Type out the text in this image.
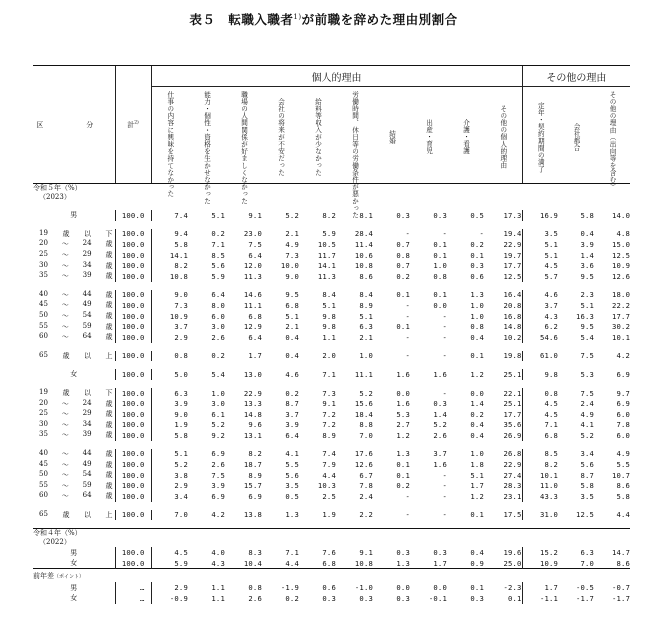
表５　転職入職者$^{1)}$が前職を辞めた理由別割合
区　分	計$^{2)}$	個人的理由										その他の理由		

		仕事の内容に興味を持てなかった	能力・個性・資格を生かせなかった	職場の人間関係が好ましくなかった	会社の将来が不安だった	給料等収入が少なかった	労働時間、休日等の労働条件が悪かった	結婚	出産・育児	介護・看護	その他の個人的理由	定年・契約期間の満了	会社都合	その他の理由（出向等を含む）

令和５年（%）
（2023）														

男	100.0	7.4	5.1	9.1	5.2	8.2	8.1	0.3	0.3	0.5	17.3	16.9	5.8	14.0

19 歳 以 下	100.0	9.4	0.2	23.0	2.1	5.9	28.4	-	-	-	19.4	3.5	0.4	4.8

20 ～ 24 歳	100.0	5.8	7.1	7.5	4.9	10.5	11.4	0.7	0.1	0.2	22.9	5.1	3.9	15.0

25 ～ 29 歳	100.0	14.1	8.5	6.4	7.3	11.7	10.6	0.8	0.1	0.1	19.7	5.1	1.4	12.5

30 ～ 34 歳	100.0	8.2	5.6	12.0	10.0	14.1	10.8	0.7	1.0	0.3	17.7	4.5	3.6	10.9

35 ～ 39 歳	100.0	10.8	5.9	11.3	9.0	11.3	8.6	0.2	0.8	0.6	12.5	5.7	9.5	12.6

40 ～ 44 歳	100.0	9.0	6.4	14.6	9.5	8.4	8.4	0.1	0.1	1.3	16.4	4.6	2.3	18.0

45 ～ 49 歳	100.0	7.3	8.0	11.1	6.8	5.1	8.9	-	0.0	1.0	20.8	3.7	5.1	22.2

50 ～ 54 歳	100.0	10.9	6.0	6.8	5.1	9.8	5.1	-	-	1.0	16.8	4.3	16.3	17.7

55 ～ 59 歳	100.0	3.7	3.0	12.9	2.1	9.8	6.3	0.1	-	0.8	14.8	6.2	9.5	30.2

60 ～ 64 歳	100.0	2.9	2.6	6.4	0.4	1.1	2.1	-	-	0.4	10.2	54.6	5.4	10.1

65 歳 以 上	100.0	0.8	0.2	1.7	0.4	2.0	1.0	-	-	0.1	19.8	61.0	7.5	4.2

女	100.0	5.0	5.4	13.0	4.6	7.1	11.1	1.6	1.6	1.2	25.1	9.8	5.3	6.9

19 歳 以 下	100.0	6.3	1.0	22.9	0.2	7.3	5.2	0.0	-	0.0	22.1	0.8	7.5	9.7

20 ～ 24 歳	100.0	3.9	3.0	13.3	8.7	9.1	15.6	1.6	0.3	1.4	25.1	4.5	2.4	6.9

25 ～ 29 歳	100.0	9.0	6.1	14.8	3.7	7.2	18.4	5.3	1.4	0.2	17.7	4.5	4.9	6.0

30 ～ 34 歳	100.0	1.9	5.2	9.6	3.9	7.2	8.8	2.7	5.2	0.4	35.6	7.1	4.1	7.8

35 ～ 39 歳	100.0	5.8	9.2	13.1	6.4	8.9	7.0	1.2	2.6	0.4	26.9	6.8	5.2	6.0

40 ～ 44 歳	100.0	5.1	6.9	8.2	4.1	7.4	17.6	1.3	3.7	1.0	26.8	8.5	3.4	4.9

45 ～ 49 歳	100.0	5.2	2.6	18.7	5.5	7.9	12.6	0.1	1.6	1.8	22.9	8.2	5.6	5.5

50 ～ 54 歳	100.0	3.8	7.5	8.9	5.6	4.4	6.7	0.1	-	5.1	27.4	10.1	8.7	10.7

55 ～ 59 歳	100.0	2.9	3.9	15.7	3.5	10.3	7.8	0.2	-	1.7	28.3	11.0	5.8	8.6

60 ～ 64 歳	100.0	3.4	6.9	6.9	0.5	2.5	2.4	-	-	1.2	23.1	43.3	3.5	5.8

65 歳 以 上	100.0	7.0	4.2	13.8	1.3	1.9	2.2	-	-	0.1	17.5	31.0	12.5	4.4

令和４年（%）
（2022）														

男	100.0	4.5	4.0	8.3	7.1	7.6	9.1	0.3	0.3	0.4	19.6	15.2	6.3	14.7

女	100.0	5.9	4.3	10.4	4.4	6.8	10.8	1.3	1.7	0.9	25.0	10.9	7.0	8.6
前年差（ポイント）														

男	…	2.9	1.1	0.8	-1.9	0.6	-1.0	0.0	0.0	0.1	-2.3	1.7	-0.5	-0.7

女	…	-0.9	1.1	2.6	0.2	0.3	0.3	0.3	-0.1	0.3	0.1	-1.1	-1.7	-1.7
